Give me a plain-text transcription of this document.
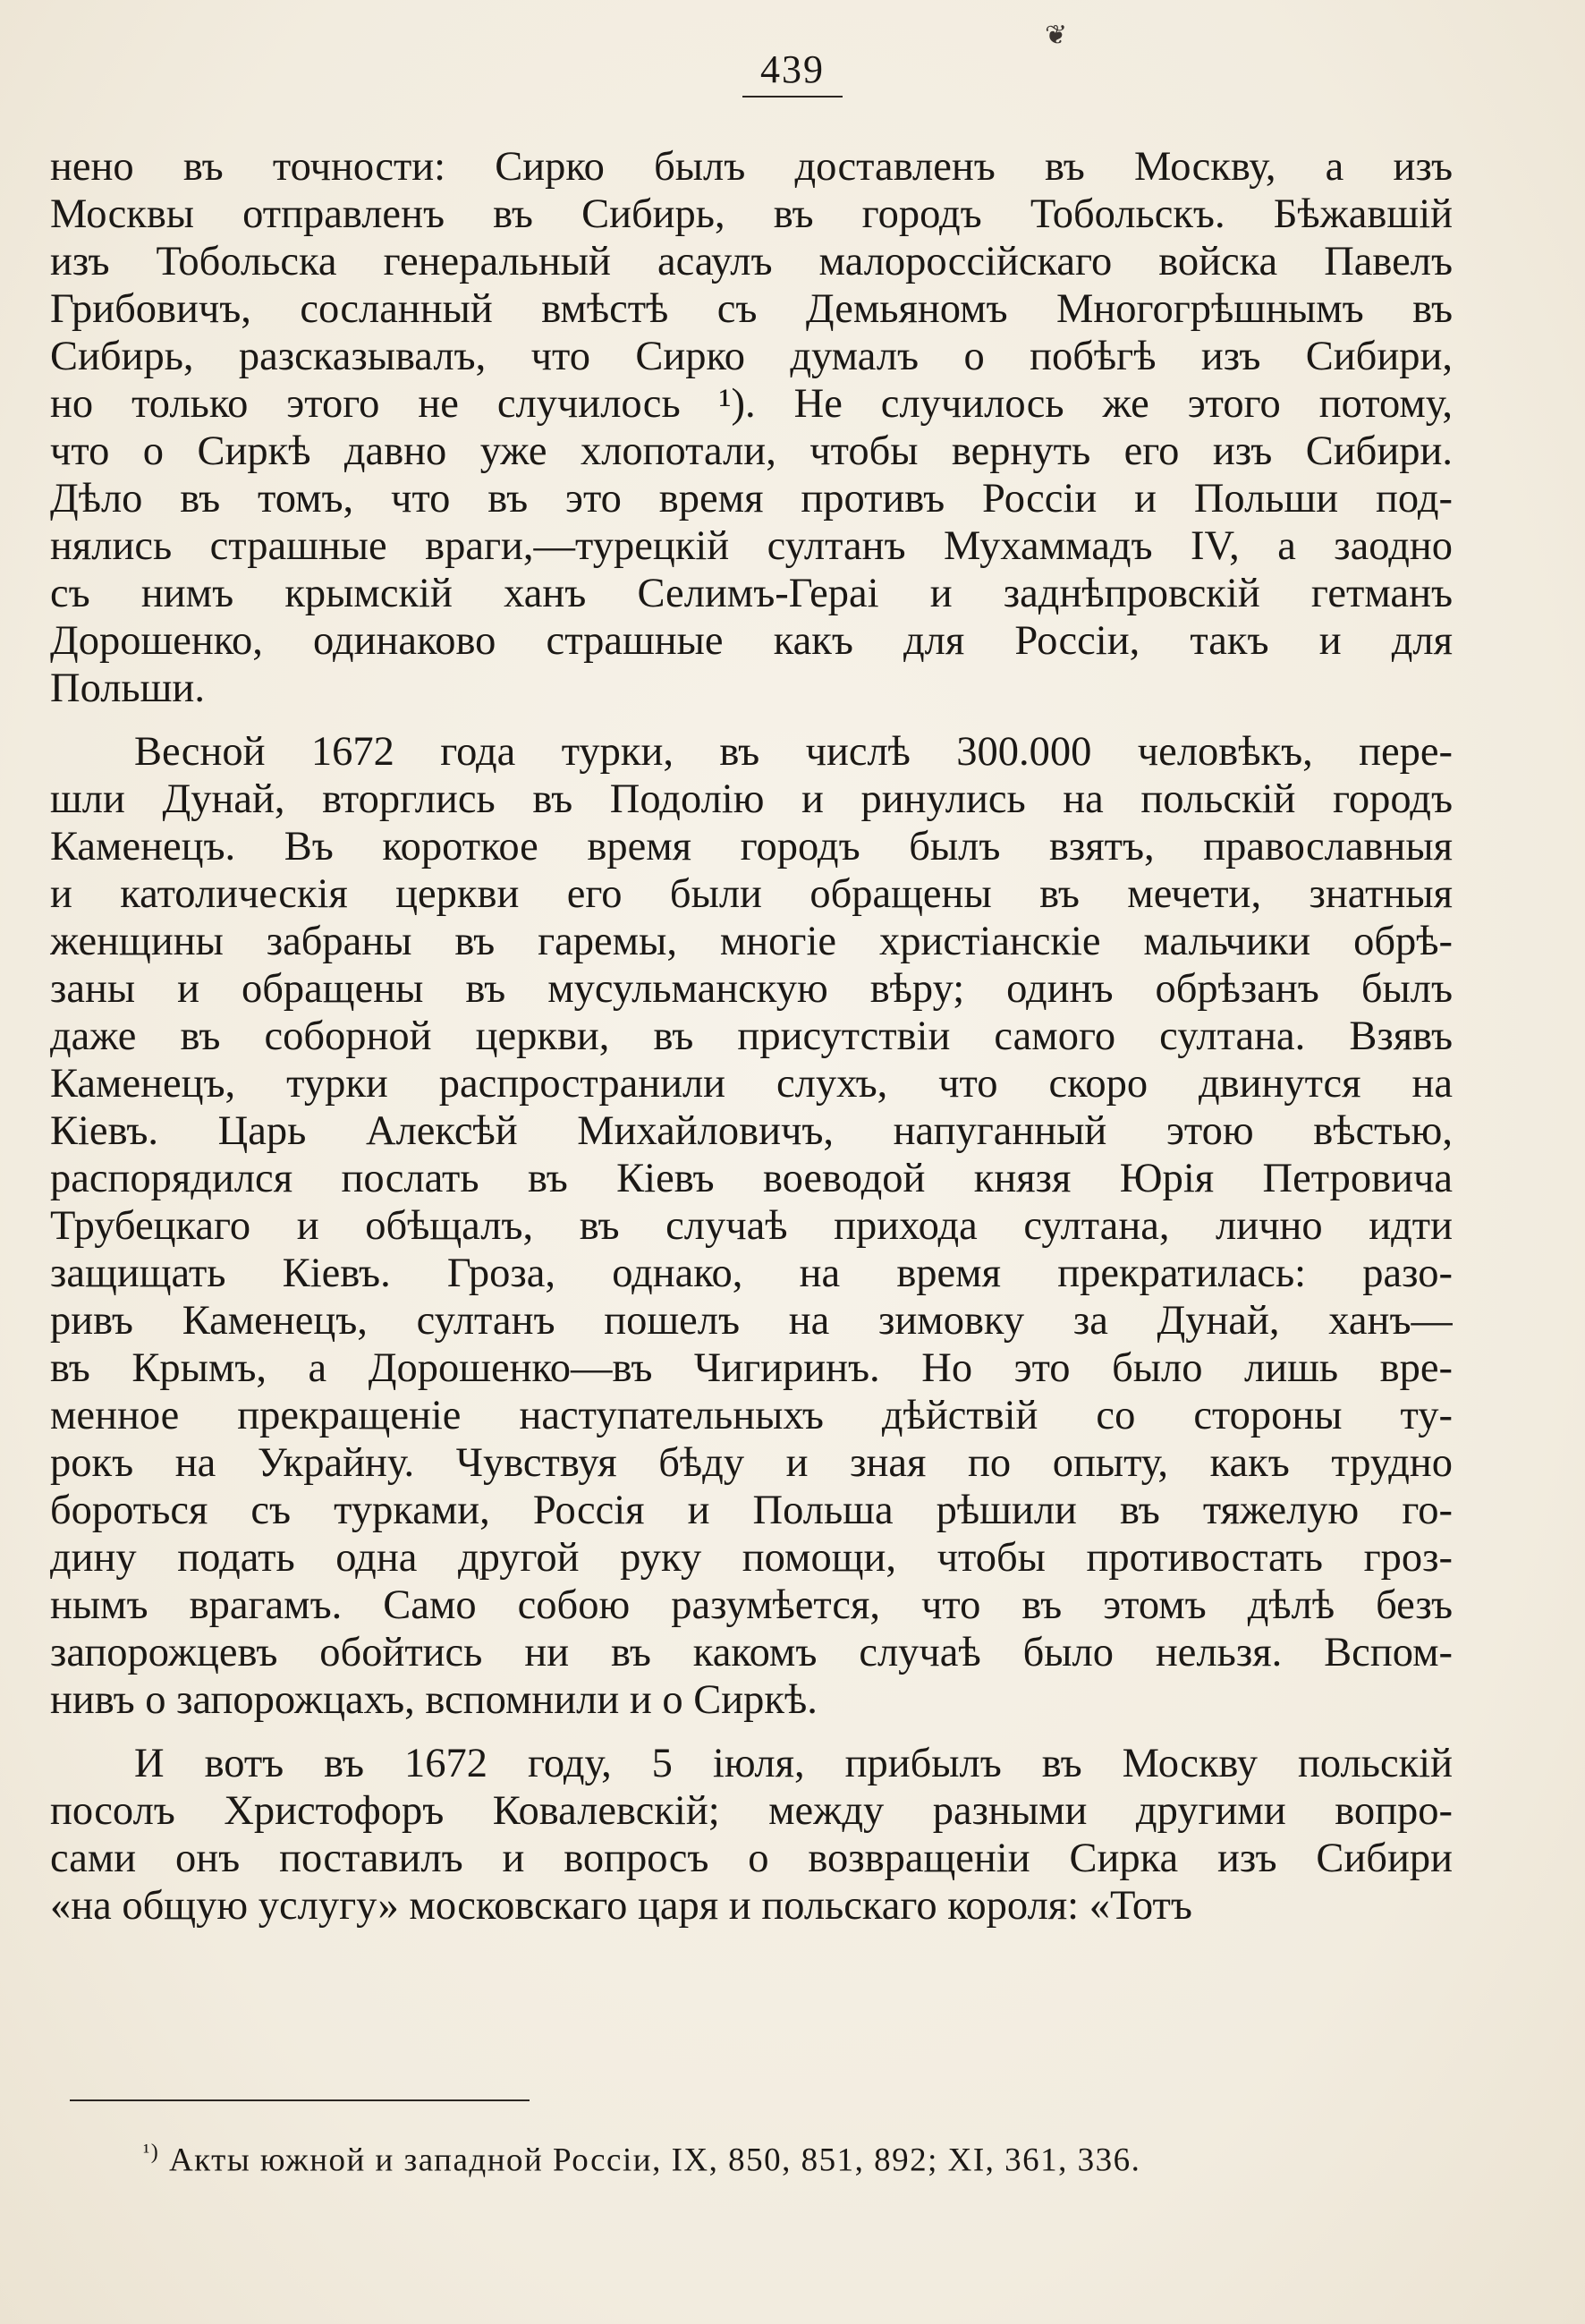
❦
439
нено въ точности: Сирко былъ доставленъ въ Москву, а изъ
Москвы отправленъ въ Сибирь, въ городъ Тобольскъ. Бѣжавшій
изъ Тобольска генеральный асаулъ малороссійскаго войска Павелъ
Грибовичъ, сосланный вмѣстѣ съ Демьяномъ Многогрѣшнымъ въ
Сибирь, разсказывалъ, что Сирко думалъ о побѣгѣ изъ Сибири,
но только этого не случилось ¹). Не случилось же этого потому,
что о Сиркѣ давно уже хлопотали, чтобы вернуть его изъ Сибири.
Дѣло въ томъ, что въ это время противъ Россіи и Польши под-
нялись страшные враги,—турецкій султанъ Мухаммадъ IV, а заодно
съ нимъ крымскій ханъ Селимъ-Гераі и заднѣпровскій гетманъ
Дорошенко, одинаково страшные какъ для Россіи, такъ и для
Польши.
Весной 1672 года турки, въ числѣ 300.000 человѣкъ, пере-
шли Дунай, вторглись въ Подолію и ринулись на польскій городъ
Каменецъ. Въ короткое время городъ былъ взятъ, православныя
и католическія церкви его были обращены въ мечети, знатныя
женщины забраны въ гаремы, многіе христіанскіе мальчики обрѣ-
заны и обращены въ мусульманскую вѣру; одинъ обрѣзанъ былъ
даже въ соборной церкви, въ присутствіи самого султана. Взявъ
Каменецъ, турки распространили слухъ, что скоро двинутся на
Кіевъ. Царь Алексѣй Михайловичъ, напуганный этою вѣстью,
распорядился послать въ Кіевъ воеводой князя Юрія Петровича
Трубецкаго и обѣщалъ, въ случаѣ прихода султана, лично идти
защищать Кіевъ. Гроза, однако, на время прекратилась: разо-
ривъ Каменецъ, султанъ пошелъ на зимовку за Дунай, ханъ—
въ Крымъ, а Дорошенко—въ Чигиринъ. Но это было лишь вре-
менное прекращеніе наступательныхъ дѣйствій со стороны ту-
рокъ на Украйну. Чувствуя бѣду и зная по опыту, какъ трудно
бороться съ турками, Россія и Польша рѣшили въ тяжелую го-
дину подать одна другой руку помощи, чтобы противостать гроз-
нымъ врагамъ. Само собою разумѣется, что въ этомъ дѣлѣ безъ
запорожцевъ обойтись ни въ какомъ случаѣ было нельзя. Вспом-
нивъ о запорожцахъ, вспомнили и о Сиркѣ.
И вотъ въ 1672 году, 5 іюля, прибылъ въ Москву польскій
посолъ Христофоръ Ковалевскій; между разными другими вопро-
сами онъ поставилъ и вопросъ о возвращеніи Сирка изъ Сибири
«на общую услугу» московскаго царя и польскаго короля: «Тотъ
$^{^1)}$ Акты южной и западной Россіи, IX, 850, 851, 892; XI, 361, 336.
